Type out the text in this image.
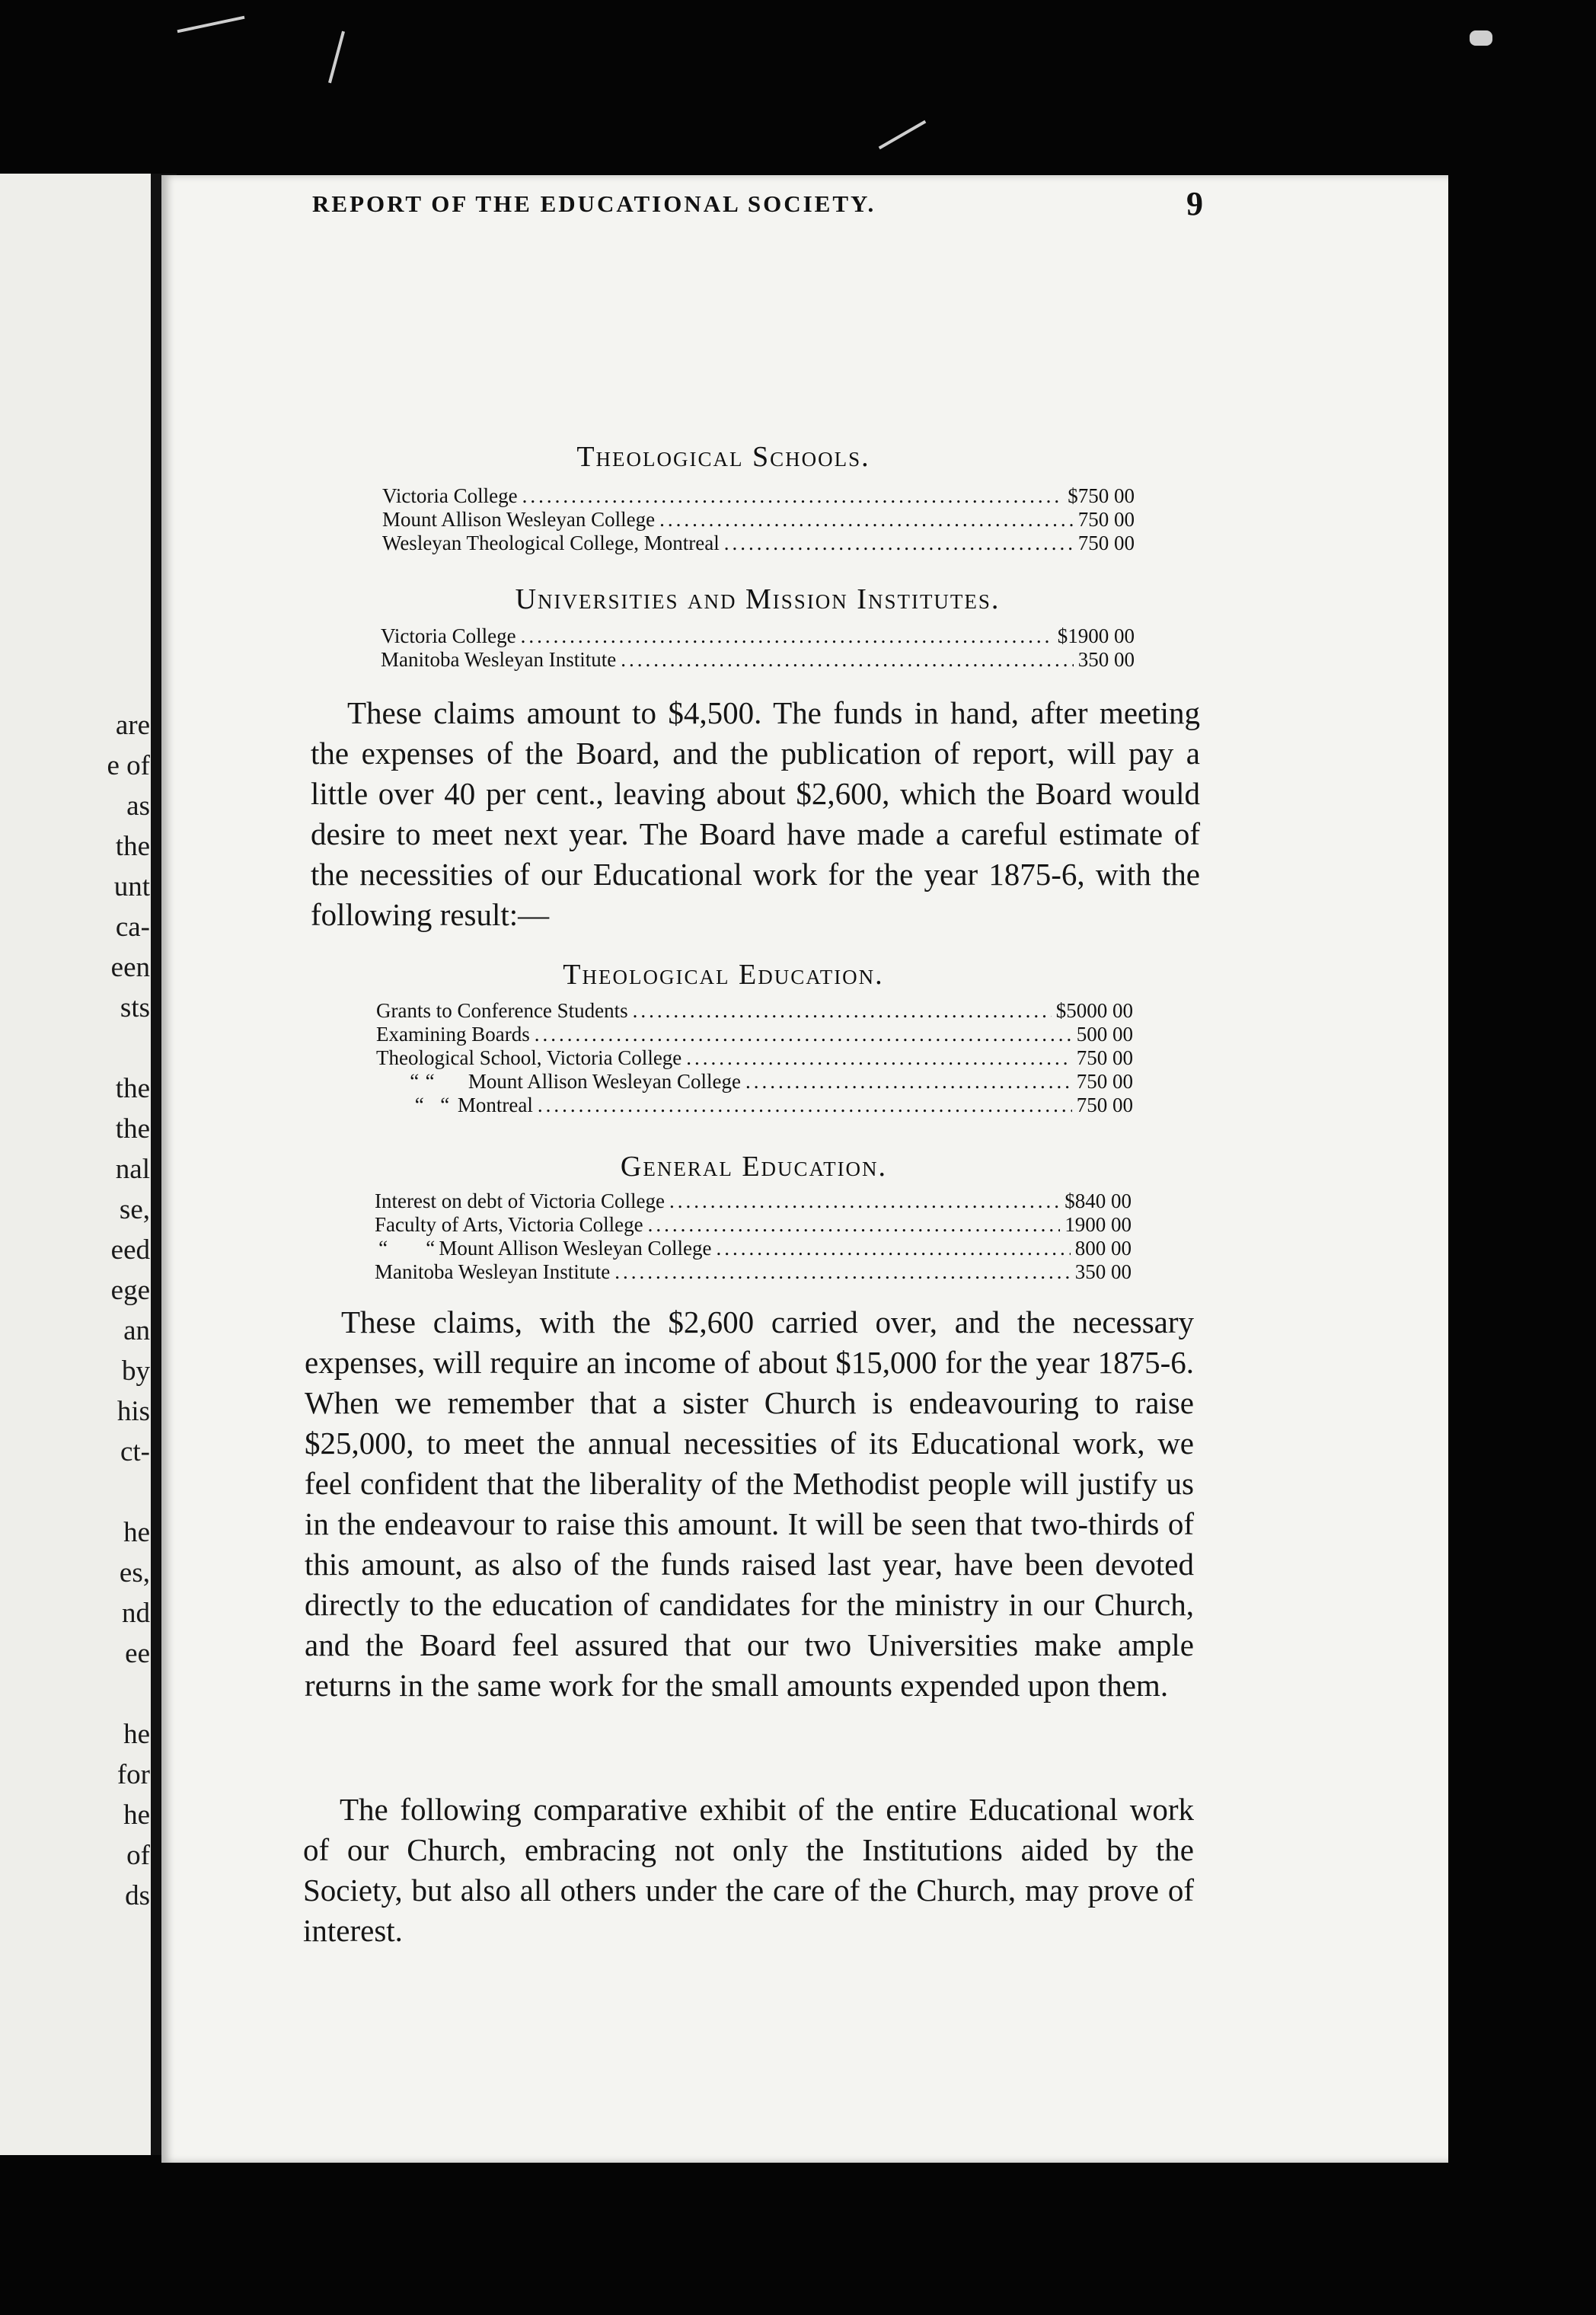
are
e of
as
the
unt
ca-
een
sts
the
the
nal
se,
eed
ege
an
by
his
ct-
he
es,
nd
ee
he
for
he
of
ds
REPORT OF THE EDUCATIONAL SOCIETY.	9
Theological Schools.
Victoria College .....	$750 00
Mount Allison Wesleyan College .....	750 00
Wesleyan Theological College, Montreal .....	750 00
Universities and Mission Institutes.
Victoria College .....	$1900 00
Manitoba Wesleyan Institute .....	350 00

These claims amount to $4,500. The funds in hand, after meeting the expenses of the Board, and the publication of report, will pay a little over 40 per cent., leaving about $2,600, which the Board would desire to meet next year. The Board have made a careful estimate of the necessities of our Educational work for the year 1875-6, with the following result:—

Theological Education.
Grants to Conference Students .....	$5000 00
Examining Boards .....	500 00
Theological School, Victoria College .....	750 00
“ “ Mount Allison Wesleyan College .....	750 00
“ “ Montreal .....	750 00
General Education.
Interest on debt of Victoria College .....	$840 00
Faculty of Arts, Victoria College .....	1900 00
“ “ Mount Allison Wesleyan College .....	800 00
Manitoba Wesleyan Institute .....	350 00

These claims, with the $2,600 carried over, and the necessary expenses, will require an income of about $15,000 for the year 1875-6. When we remember that a sister Church is endeavouring to raise $25,000, to meet the annual necessities of its Educational work, we feel confident that the liberality of the Methodist people will justify us in the endeavour to raise this amount. It will be seen that two-thirds of this amount, as also of the funds raised last year, have been devoted directly to the education of candidates for the ministry in our Church, and the Board feel assured that our two Universities make ample returns in the same work for the small amounts expended upon them.

The following comparative exhibit of the entire Educational work of our Church, embracing not only the Institutions aided by the Society, but also all others under the care of the Church, may prove of interest.
